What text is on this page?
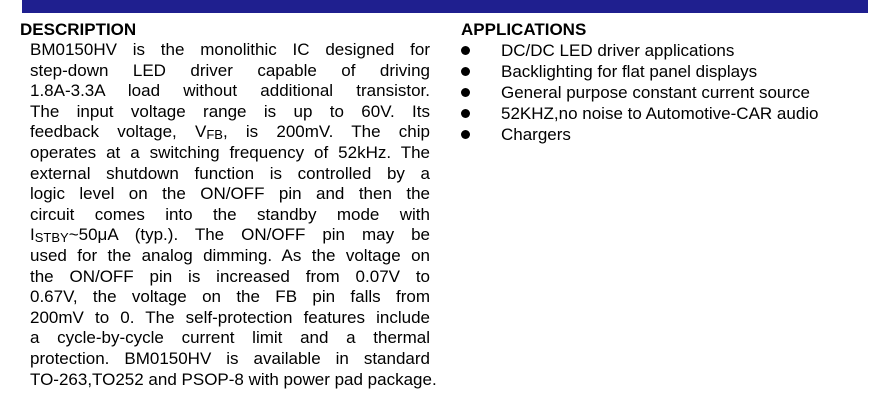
DESCRIPTION
BM0150HV is the monolithic IC designed for
step-down LED driver capable of driving
1.8A-3.3A load without additional transistor.
The input voltage range is up to 60V. Its
feedback voltage, VFB, is 200mV. The chip
operates at a switching frequency of 52kHz. The
external shutdown function is controlled by a
logic level on the ON/OFF pin and then the
circuit comes into the standby mode with
ISTBY~50μA (typ.). The ON/OFF pin may be
used for the analog dimming. As the voltage on
the ON/OFF pin is increased from 0.07V to
0.67V, the voltage on the FB pin falls from
200mV to 0. The self-protection features include
a cycle-by-cycle current limit and a thermal
protection. BM0150HV is available in standard
TO-263,TO252 and PSOP-8 with power pad package.
APPLICATIONS
DC/DC LED driver applications
Backlighting for flat panel displays
General purpose constant current source
52KHZ,no noise to Automotive-CAR audio
Chargers
